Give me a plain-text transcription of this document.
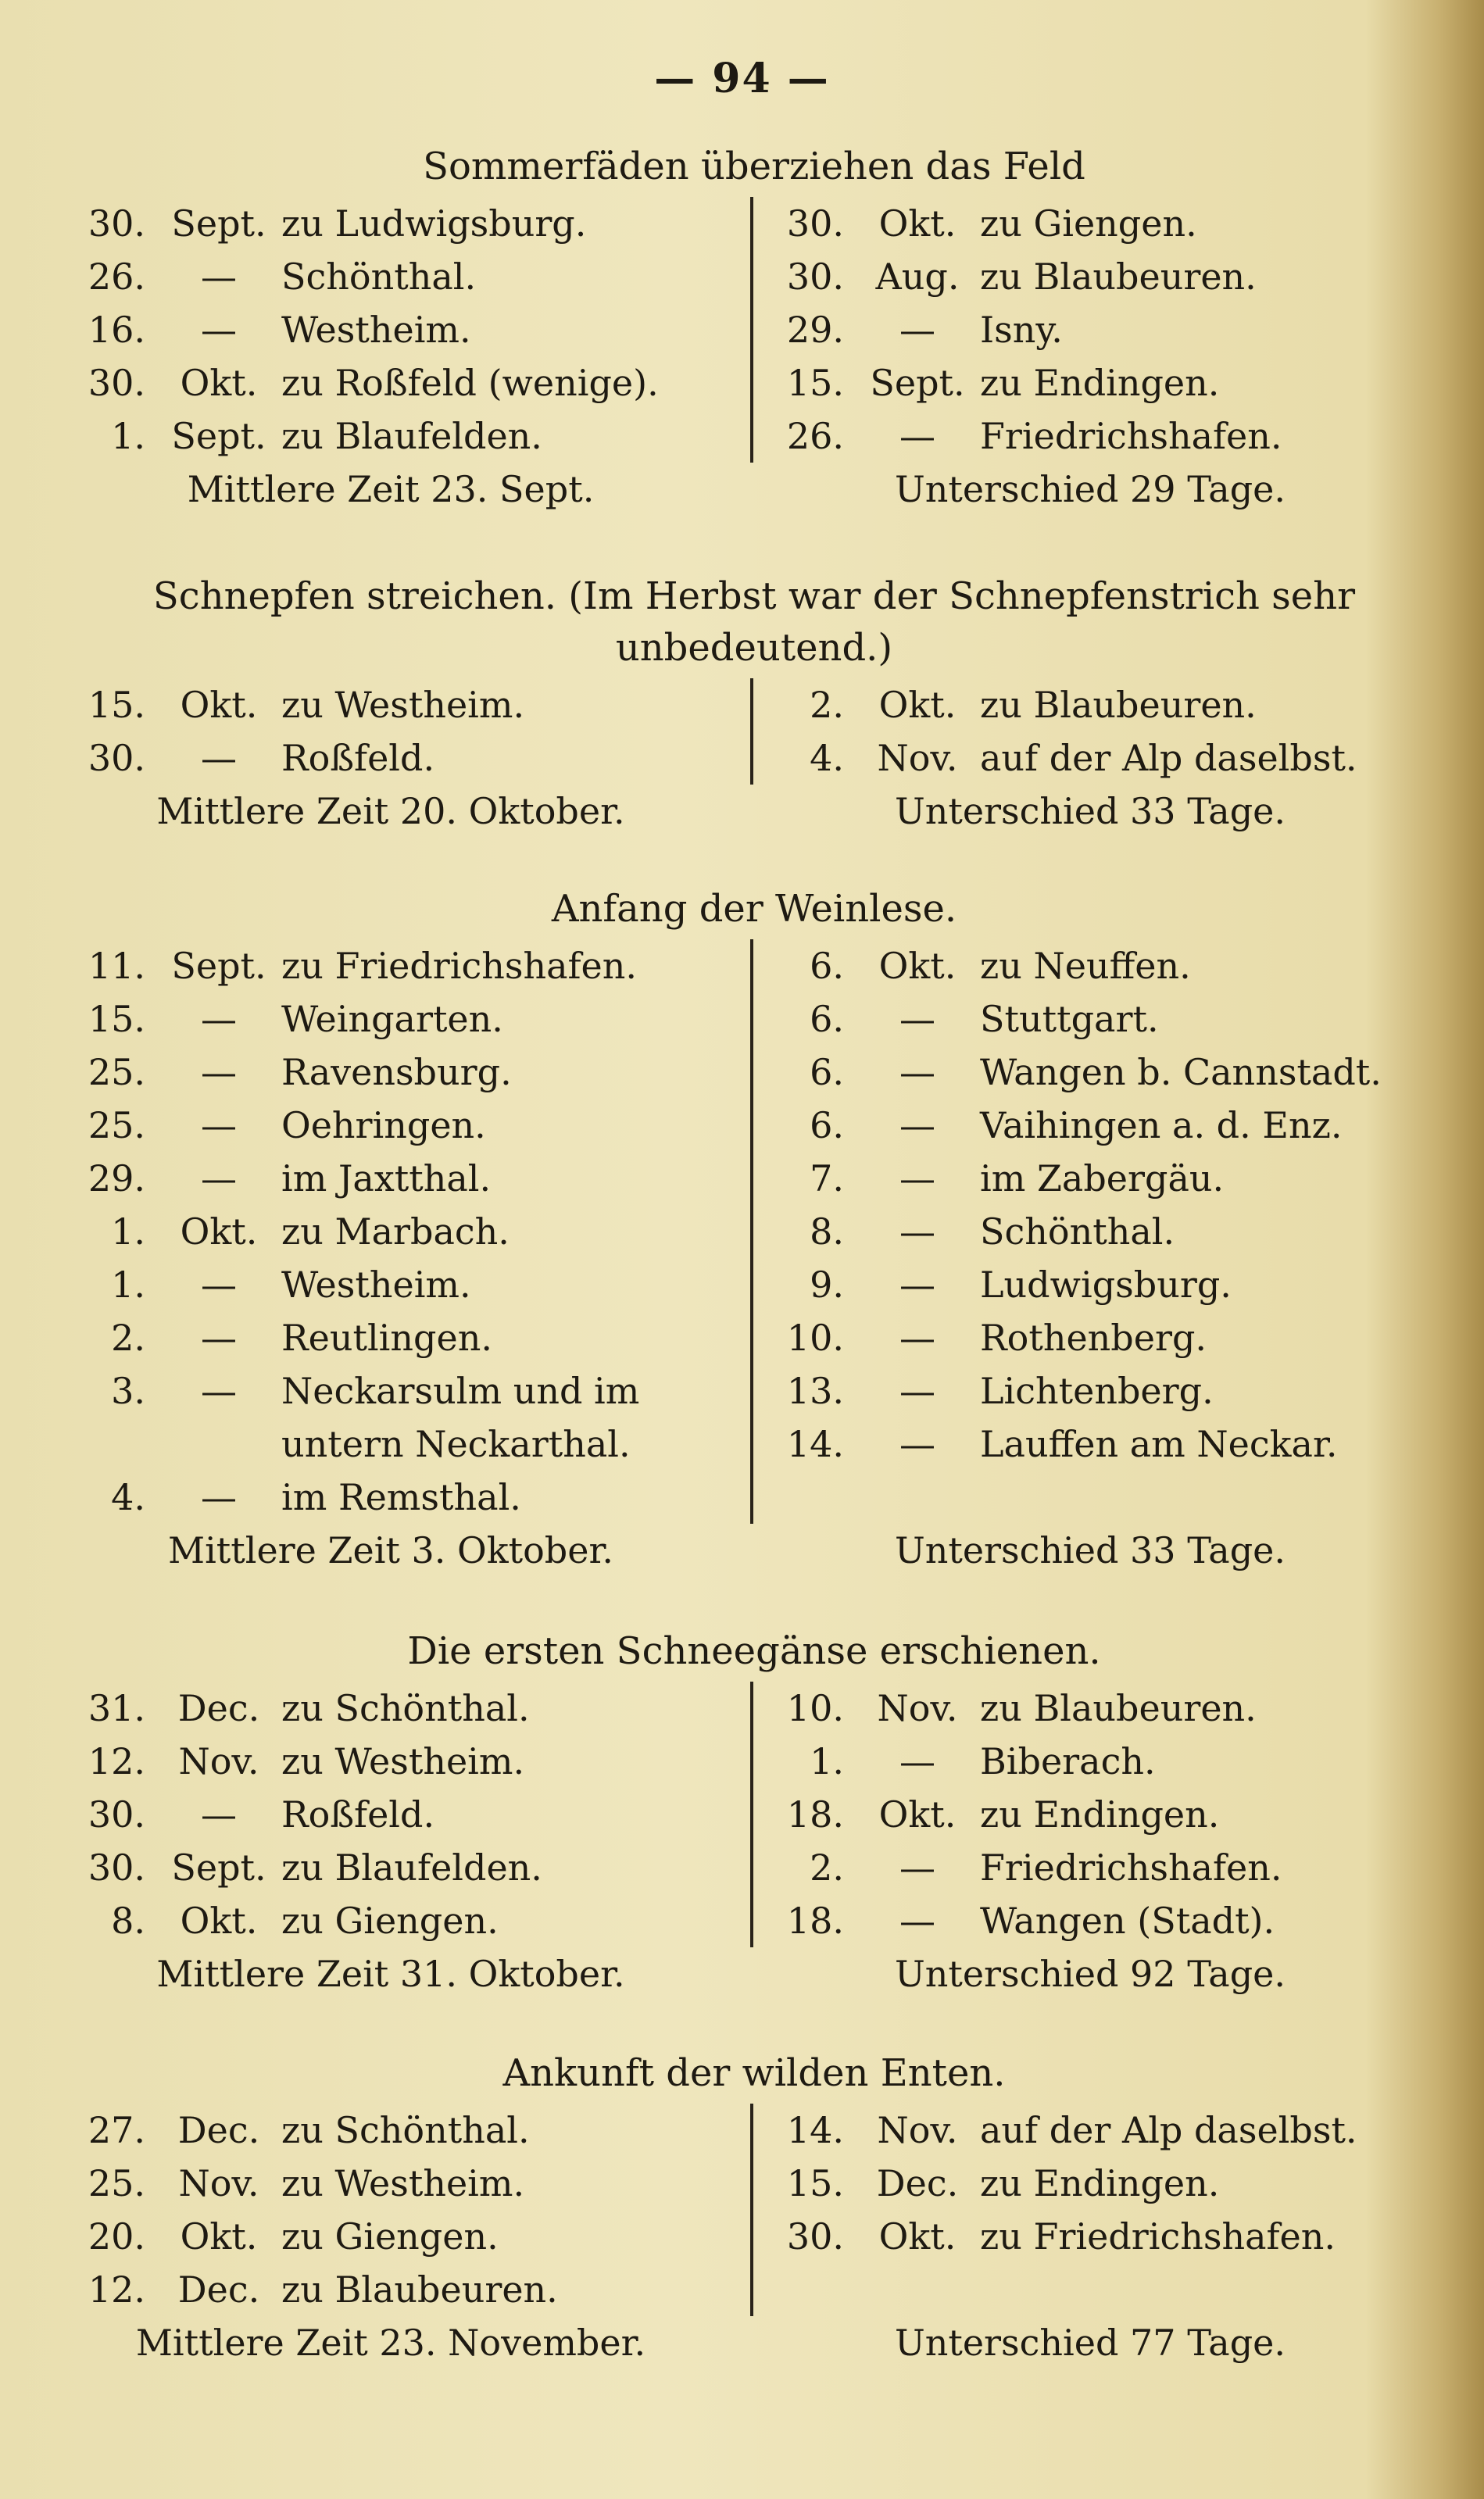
— 94 —
Sommerfäden überziehen das Feld
30. Sept. zu Ludwigsburg.
26.	—	Schönthal.
16.	—	Westheim.
30. Okt. zu Roßfeld (wenige).
1. Sept. zu Blaufelden.
30. Okt. zu Giengen.
30. Aug. zu Blaubeuren.
29.	—	Isny.
15. Sept. zu Endingen.
26.	—	Friedrichshafen.
Mittlere Zeit 23. Sept.	Unterschied 29 Tage.
Schnepfen streichen. (Im Herbst war der Schnepfenstrich sehr
unbedeutend.)
15. Okt. zu Westheim.
30.	—	Roßfeld.
2. Okt. zu Blaubeuren.
4. Nov. auf der Alp daselbst.
Mittlere Zeit 20. Oktober.	Unterschied 33 Tage.
Anfang der Weinlese.
11. Sept. zu Friedrichshafen.
15.	—	Weingarten.
25.	—	Ravensburg.
25.	—	Oehringen.
29.	—	im Jaxtthal.
1. Okt. zu Marbach.
1.	—	Westheim.
2.	—	Reutlingen.
3.	—	Neckarsulm und im untern Neckarthal.
4.	—	im Remsthal.
6. Okt. zu Neuffen.
6.	—	Stuttgart.
6.	—	Wangen b. Cannstadt.
6.	—	Vaihingen a. d. Enz.
7.	—	im Zabergäu.
8.	—	Schönthal.
9.	—	Ludwigsburg.
10.	—	Rothenberg.
13.	—	Lichtenberg.
14.	—	Lauffen am Neckar.
Mittlere Zeit 3. Oktober.	Unterschied 33 Tage.
Die ersten Schneegänse erschienen.
31. Dec. zu Schönthal.
12. Nov. zu Westheim.
30.	—	Roßfeld.
30. Sept. zu Blaufelden.
8. Okt. zu Giengen.
10. Nov. zu Blaubeuren.
1.	—	Biberach.
18. Okt. zu Endingen.
2.	—	Friedrichshafen.
18.	—	Wangen (Stadt).
Mittlere Zeit 31. Oktober.	Unterschied 92 Tage.
Ankunft der wilden Enten.
27. Dec. zu Schönthal.
25. Nov. zu Westheim.
20. Okt. zu Giengen.
12. Dec. zu Blaubeuren.
14. Nov. auf der Alp daselbst.
15. Dec. zu Endingen.
30. Okt. zu Friedrichshafen.
Mittlere Zeit 23. November.	Unterschied 77 Tage.
